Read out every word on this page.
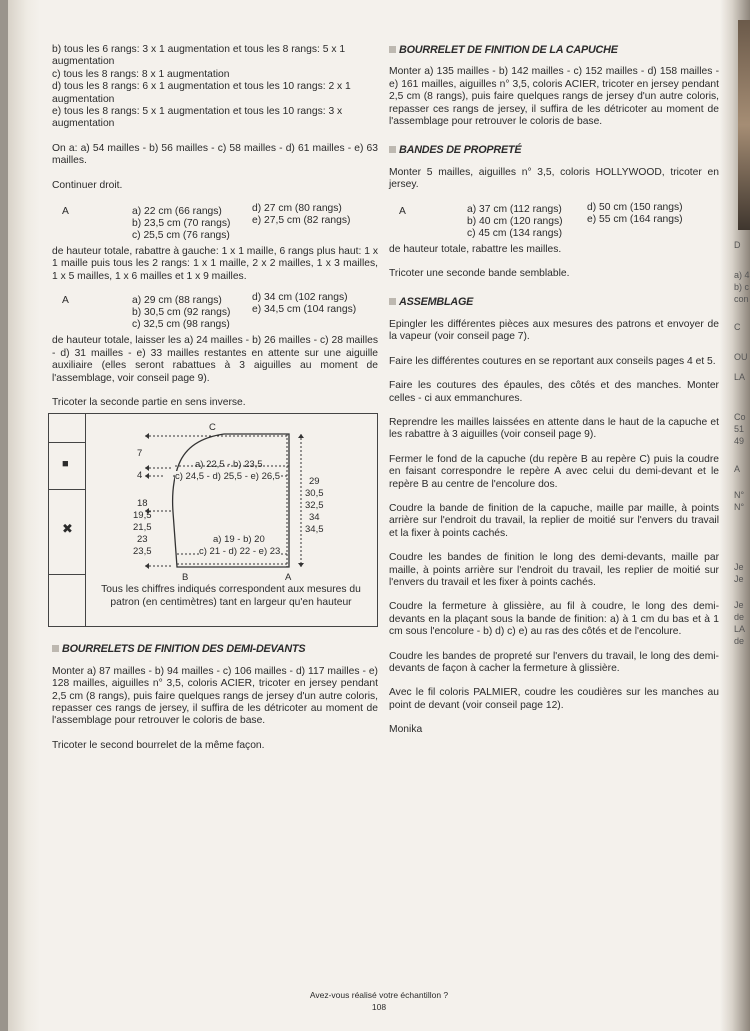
b) tous les 6 rangs: 3 x 1 augmentation et tous les 8 rangs: 5 x 1 augmentation
c) tous les 8 rangs: 8 x 1 augmentation
d) tous les 8 rangs: 6 x 1 augmentation et tous les 10 rangs: 2 x 1 augmentation
e) tous les 8 rangs: 5 x 1 augmentation et tous les 10 rangs: 3 x augmentation

On a: a) 54 mailles - b) 56 mailles - c) 58 mailles - d) 61 mailles - e) 63 mailles.

Continuer droit.

A	a) 22 cm (66 rangs)
b) 23,5 cm (70 rangs)
c) 25,5 cm (76 rangs)
d) 27 cm (80 rangs)
e) 27,5 cm (82 rangs)

de hauteur totale, rabattre à gauche: 1 x 1 maille, 6 rangs plus haut: 1 x 1 maille puis tous les 2 rangs: 1 x 1 maille, 2 x 2 mailles, 1 x 3 mailles, 1 x 5 mailles, 1 x 6 mailles et 1 x 9 mailles.

A	a) 29 cm (88 rangs)
b) 30,5 cm (92 rangs)
c) 32,5 cm (98 rangs)
d) 34 cm (102 rangs)
e) 34,5 cm (104 rangs)

de hauteur totale, laisser les a) 24 mailles - b) 26 mailles - c) 28 mailles - d) 31 mailles - e) 33 mailles restantes en attente sur une aiguille auxiliaire (elles seront rabattues à 3 aiguilles au moment de l'assemblage, voir conseil page 9).

Tricoter la seconde partie en sens inverse.

■
✖
C
B	A
7
4
a) 22,5 - b) 23,5
c) 24,5 - d) 25,5 - e) 26,5
18
19,5
21,5
23
23,5
29
30,5
32,5
34
34,5
a) 19 - b) 20
c) 21 - d) 22 - e) 23
Tous les chiffres indiqués correspondent aux mesures du patron (en centimètres) tant en largeur qu'en hauteur
BOURRELETS DE FINITION DES DEMI-DEVANTS

Monter a) 87 mailles - b) 94 mailles - c) 106 mailles - d) 117 mailles - e) 128 mailles, aiguilles n° 3,5, coloris ACIER, tricoter en jersey pendant 2,5 cm (8 rangs), puis faire quelques rangs de jersey d'un autre coloris, repasser ces rangs de jersey, il suffira de les détricoter au moment de l'assemblage pour retrouver le coloris de base.

Tricoter le second bourrelet de la même façon.

BOURRELET DE FINITION DE LA CAPUCHE

Monter a) 135 mailles - b) 142 mailles - c) 152 mailles - d) 158 mailles - e) 161 mailles, aiguilles n° 3,5, coloris ACIER, tricoter en jersey pendant 2,5 cm (8 rangs), puis faire quelques rangs de jersey d'un autre coloris, repasser ces rangs de jersey, il suffira de les détricoter au moment de l'assemblage pour retrouver le coloris de base.

BANDES DE PROPRETÉ

Monter 5 mailles, aiguilles n° 3,5, coloris HOLLYWOOD, tricoter en jersey.

A	a) 37 cm (112 rangs)
b) 40 cm (120 rangs)
c) 45 cm (134 rangs)
d) 50 cm (150 rangs)
e) 55 cm (164 rangs)

de hauteur totale, rabattre les mailles.

Tricoter une seconde bande semblable.

ASSEMBLAGE

Epingler les différentes pièces aux mesures des patrons et envoyer de la vapeur (voir conseil page 7).

Faire les différentes coutures en se reportant aux conseils pages 4 et 5.

Faire les coutures des épaules, des côtés et des manches. Monter celles - ci aux emmanchures.

Reprendre les mailles laissées en attente dans le haut de la capuche et les rabattre à 3 aiguilles (voir conseil page 9).

Fermer le fond de la capuche (du repère B au repère C) puis la coudre en faisant correspondre le repère A avec celui du demi-devant et le repère B au centre de l'encolure dos.

Coudre la bande de finition de la capuche, maille par maille, à points arrière sur l'endroit du travail, la replier de moitié sur l'envers du travail et la fixer à points cachés.

Coudre les bandes de finition le long des demi-devants, maille par maille, à points arrière sur l'endroit du travail, les replier de moitié sur l'envers du travail et les fixer à points cachés.

Coudre la fermeture à glissière, au fil à coudre, le long des demi-devants en la plaçant sous la bande de finition: a) à 1 cm du bas et à 1 cm sous l'encolure - b) d) c) e) au ras des côtés et de l'encolure.

Coudre les bandes de propreté sur l'envers du travail, le long des demi-devants de façon à cacher la fermeture à glissière.

Avec le fil coloris PALMIER, coudre les coudières sur les manches au point de devant (voir conseil page 12).

Monika

Avez-vous réalisé votre échantillon ?
108
D
a) 4
b) c
con
C
OU
LA
Co
51
49
A
N°
N°
Je
Je
Je
de
LA
de
